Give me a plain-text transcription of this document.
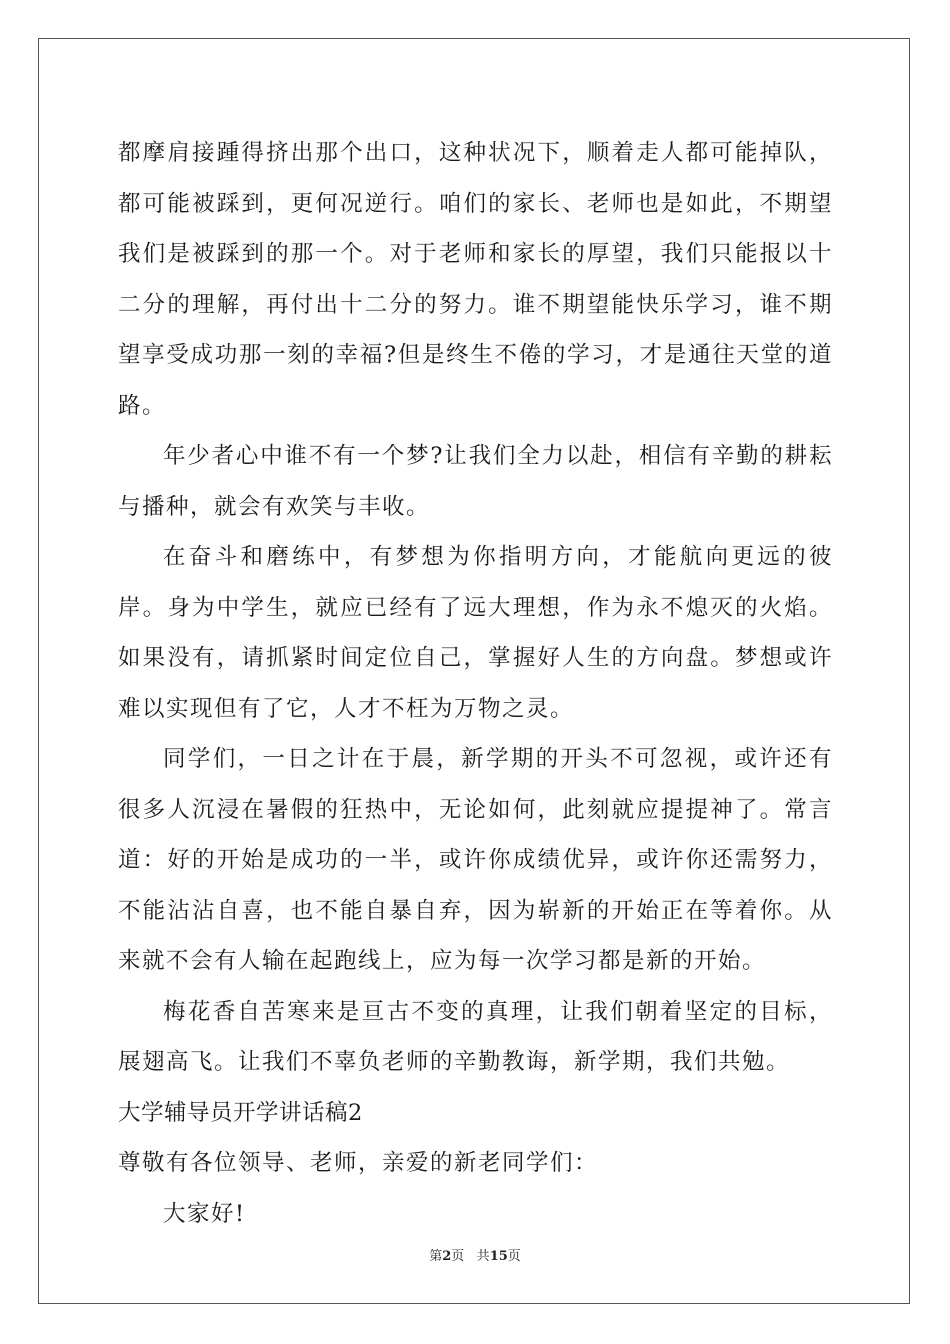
都摩肩接踵得挤出那个出口，这种状况下，顺着走人都可能掉队，都可能被踩到，更何况逆行。咱们的家长、老师也是如此，不期望我们是被踩到的那一个。对于老师和家长的厚望，我们只能报以十二分的理解，再付出十二分的努力。谁不期望能快乐学习，谁不期望享受成功那一刻的幸福?但是终生不倦的学习，才是通往天堂的道路。

年少者心中谁不有一个梦?让我们全力以赴，相信有辛勤的耕耘与播种，就会有欢笑与丰收。

在奋斗和磨练中，有梦想为你指明方向，才能航向更远的彼岸。身为中学生，就应已经有了远大理想，作为永不熄灭的火焰。如果没有，请抓紧时间定位自己，掌握好人生的方向盘。梦想或许难以实现但有了它，人才不枉为万物之灵。

同学们，一日之计在于晨，新学期的开头不可忽视，或许还有很多人沉浸在暑假的狂热中，无论如何，此刻就应提提神了。常言道：好的开始是成功的一半，或许你成绩优异，或许你还需努力，不能沾沾自喜，也不能自暴自弃，因为崭新的开始正在等着你。从来就不会有人输在起跑线上，应为每一次学习都是新的开始。

梅花香自苦寒来是亘古不变的真理，让我们朝着坚定的目标，展翅高飞。让我们不辜负老师的辛勤教诲，新学期，我们共勉。

大学辅导员开学讲话稿2

尊敬有各位领导、老师，亲爱的新老同学们：

大家好!

第2页 共15页
